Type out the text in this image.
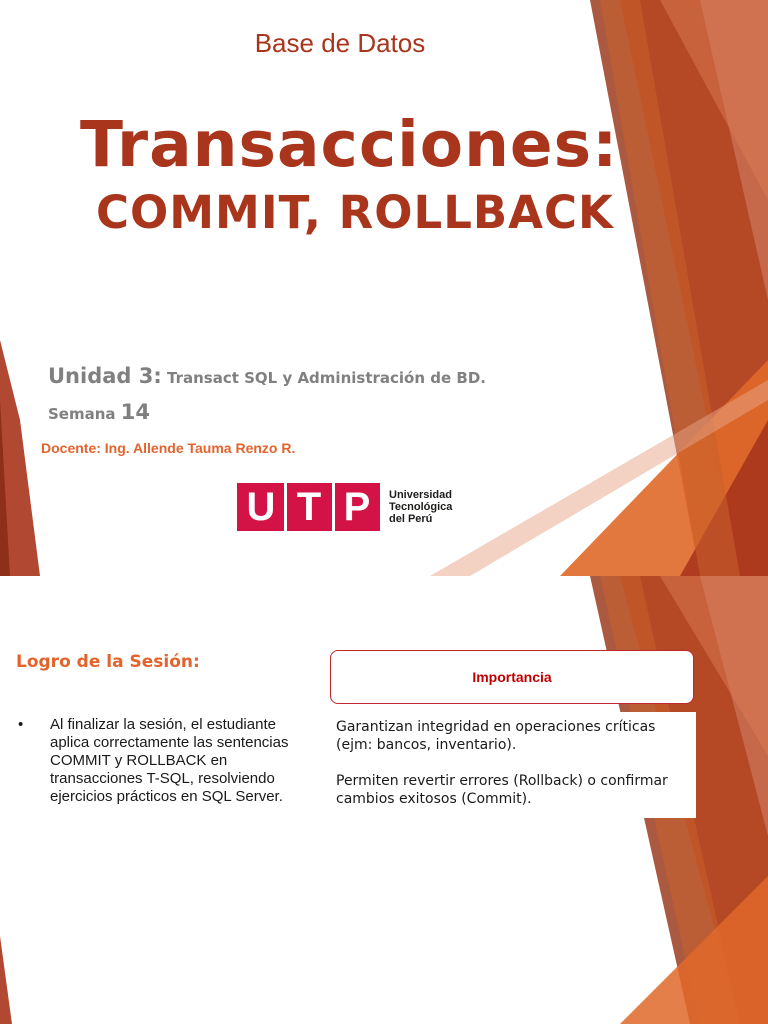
Base de Datos
Transacciones:
COMMIT, ROLLBACK
Unidad 3: Transact SQL y Administración de BD.
Semana 14
Docente: Ing. Allende Tauma Renzo R.
U T P	Universidad
Tecnológica
del Perú
Logro de la Sesión:
• Al finalizar la sesión, el estudiante aplica correctamente las sentencias COMMIT y ROLLBACK en transacciones T-SQL, resolviendo ejercicios prácticos en SQL Server.
Importancia

Garantizan integridad en operaciones críticas (ejm: bancos, inventario).

Permiten revertir errores (Rollback) o confirmar cambios exitosos (Commit).
